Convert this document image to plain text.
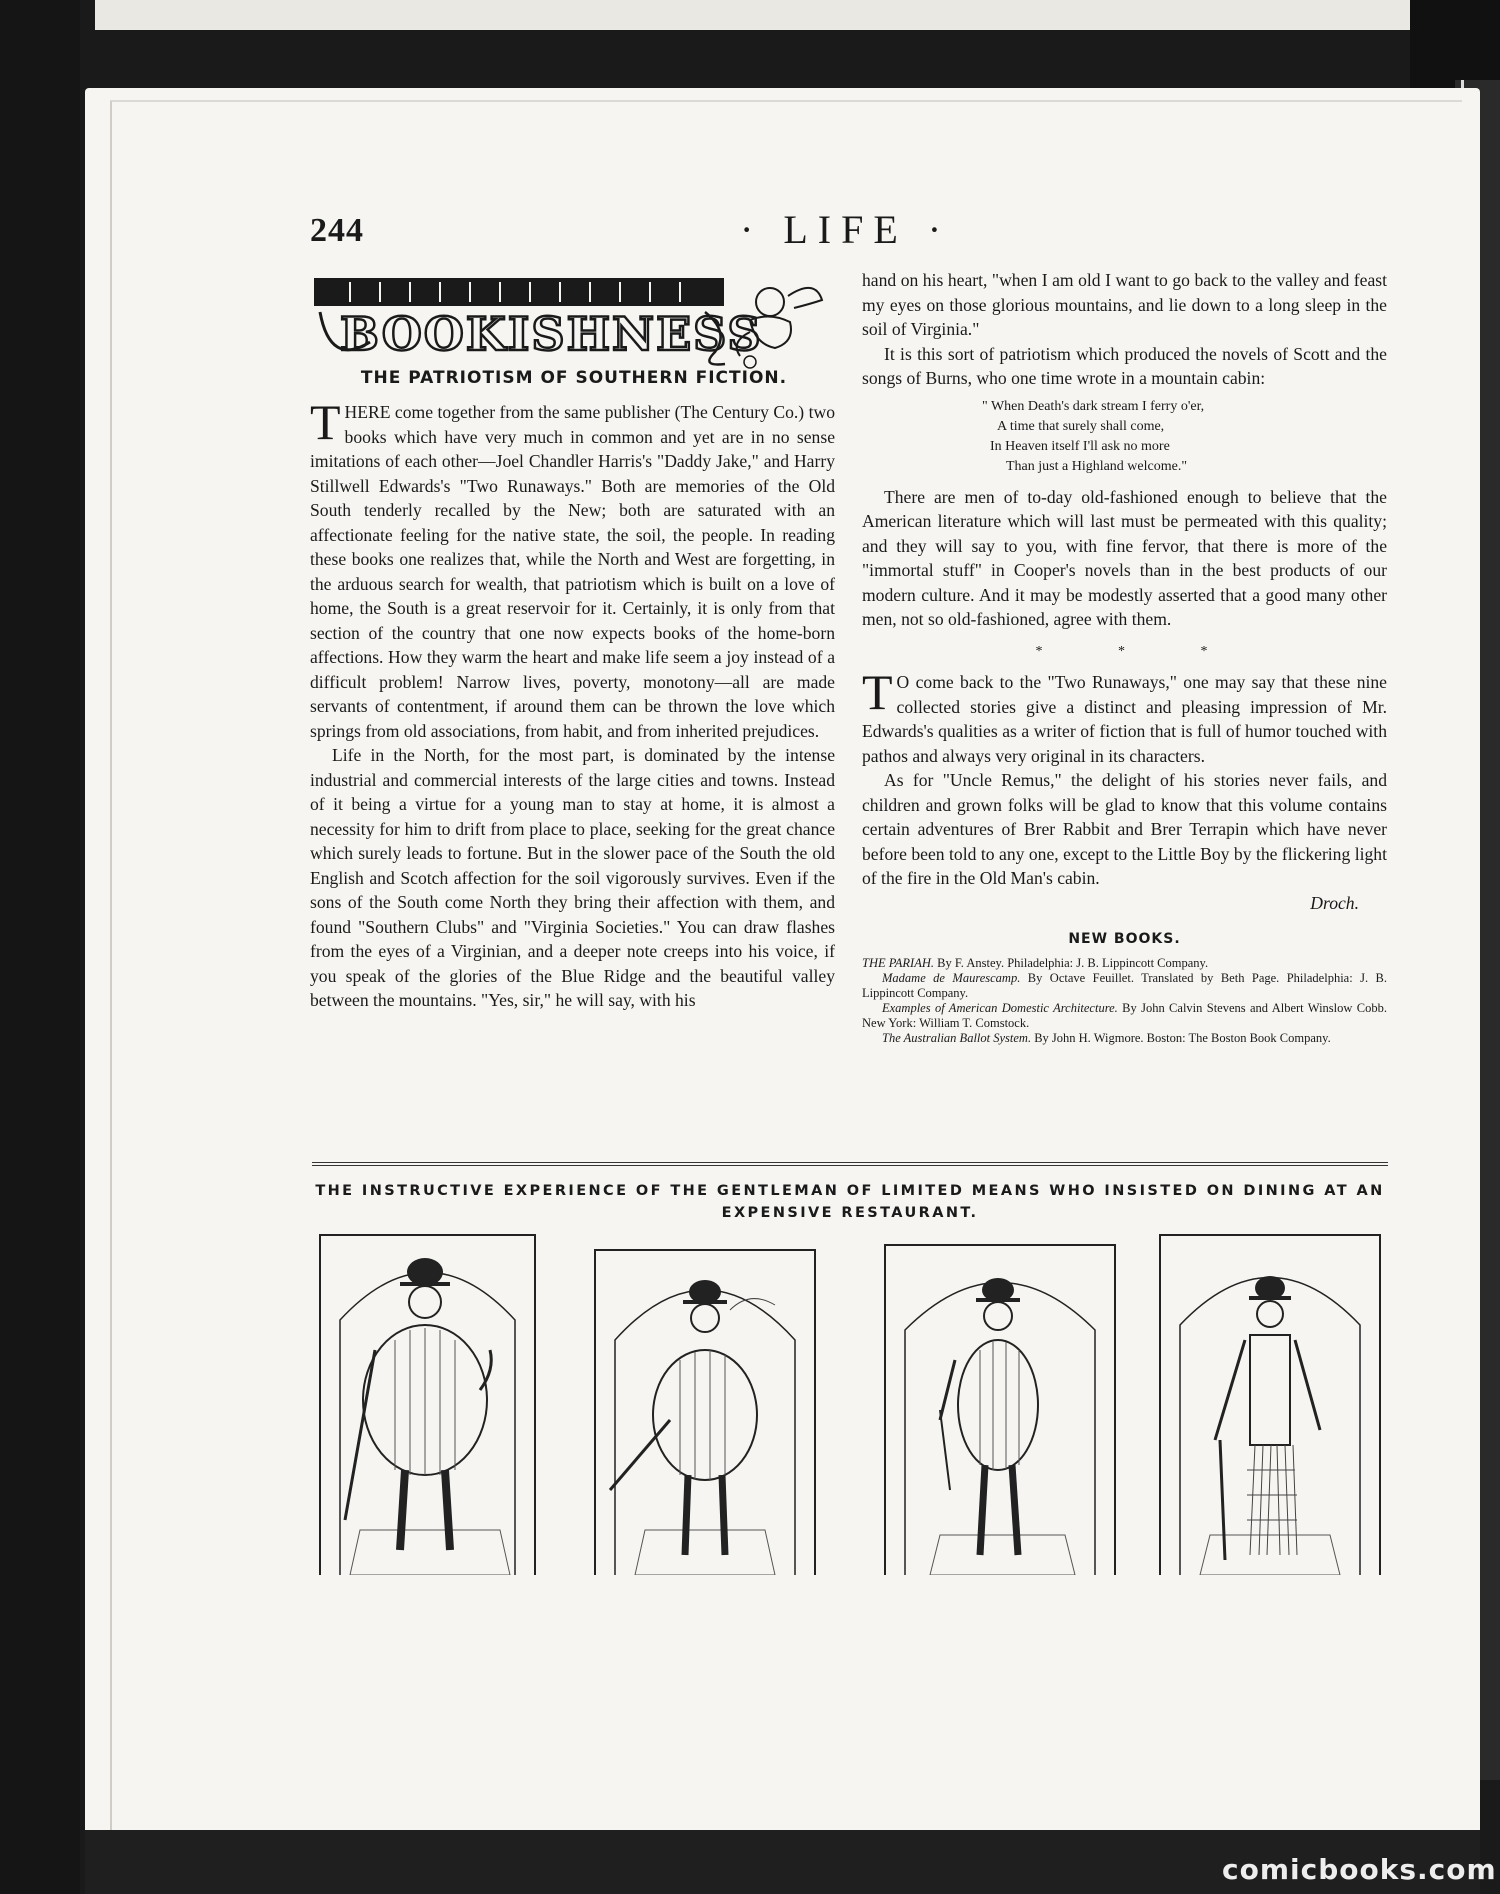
244	· LIFE ·
BOOKISHNESS
THE PATRIOTISM OF SOUTHERN FICTION.

THERE come together from the same publisher (The Century Co.) two books which have very much in common and yet are in no sense imitations of each other—Joel Chandler Harris's "Daddy Jake," and Harry Stillwell Edwards's "Two Runaways." Both are memories of the Old South tenderly recalled by the New; both are saturated with an affectionate feeling for the native state, the soil, the people. In reading these books one realizes that, while the North and West are forgetting, in the arduous search for wealth, that patriotism which is built on a love of home, the South is a great reservoir for it. Certainly, it is only from that section of the country that one now expects books of the home-born affections. How they warm the heart and make life seem a joy instead of a difficult problem! Narrow lives, poverty, monotony—all are made servants of contentment, if around them can be thrown the love which springs from old associations, from habit, and from inherited prejudices.

Life in the North, for the most part, is dominated by the intense industrial and commercial interests of the large cities and towns. Instead of it being a virtue for a young man to stay at home, it is almost a necessity for him to drift from place to place, seeking for the great chance which surely leads to fortune. But in the slower pace of the South the old English and Scotch affection for the soil vigorously survives. Even if the sons of the South come North they bring their affection with them, and found "Southern Clubs" and "Virginia Societies." You can draw flashes from the eyes of a Virginian, and a deeper note creeps into his voice, if you speak of the glories of the Blue Ridge and the beautiful valley between the mountains. "Yes, sir," he will say, with his

hand on his heart, "when I am old I want to go back to the valley and feast my eyes on those glorious mountains, and lie down to a long sleep in the soil of Virginia."

It is this sort of patriotism which produced the novels of Scott and the songs of Burns, who one time wrote in a mountain cabin:

" When Death's dark stream I ferry o'er,
A time that surely shall come,
In Heaven itself I'll ask no more
Than just a Highland welcome."

There are men of to-day old-fashioned enough to believe that the American literature which will last must be permeated with this quality; and they will say to you, with fine fervor, that there is more of the "immortal stuff" in Cooper's novels than in the best products of our modern culture. And it may be modestly asserted that a good many other men, not so old-fashioned, agree with them.

* * *

T O come back to the "Two Runaways," one may say that these nine collected stories give a distinct and pleasing impression of Mr. Edwards's qualities as a writer of fiction that is full of humor touched with pathos and always very original in its characters.

As for "Uncle Remus," the delight of his stories never fails, and children and grown folks will be glad to know that this volume contains certain adventures of Brer Rabbit and Brer Terrapin which have never before been told to any one, except to the Little Boy by the flickering light of the fire in the Old Man's cabin.

Droch.
NEW BOOKS.

THE PARIAH. By F. Anstey. Philadelphia: J. B. Lippincott Company.

Madame de Maurescamp. By Octave Feuillet. Translated by Beth Page. Philadelphia: J. B. Lippincott Company.

Examples of American Domestic Architecture. By John Calvin Stevens and Albert Winslow Cobb. New York: William T. Comstock.

The Australian Ballot System. By John H. Wigmore. Boston: The Boston Book Company.

THE INSTRUCTIVE EXPERIENCE OF THE GENTLEMAN OF LIMITED MEANS WHO INSISTED ON DINING AT AN EXPENSIVE RESTAURANT.
comicbooks.com
